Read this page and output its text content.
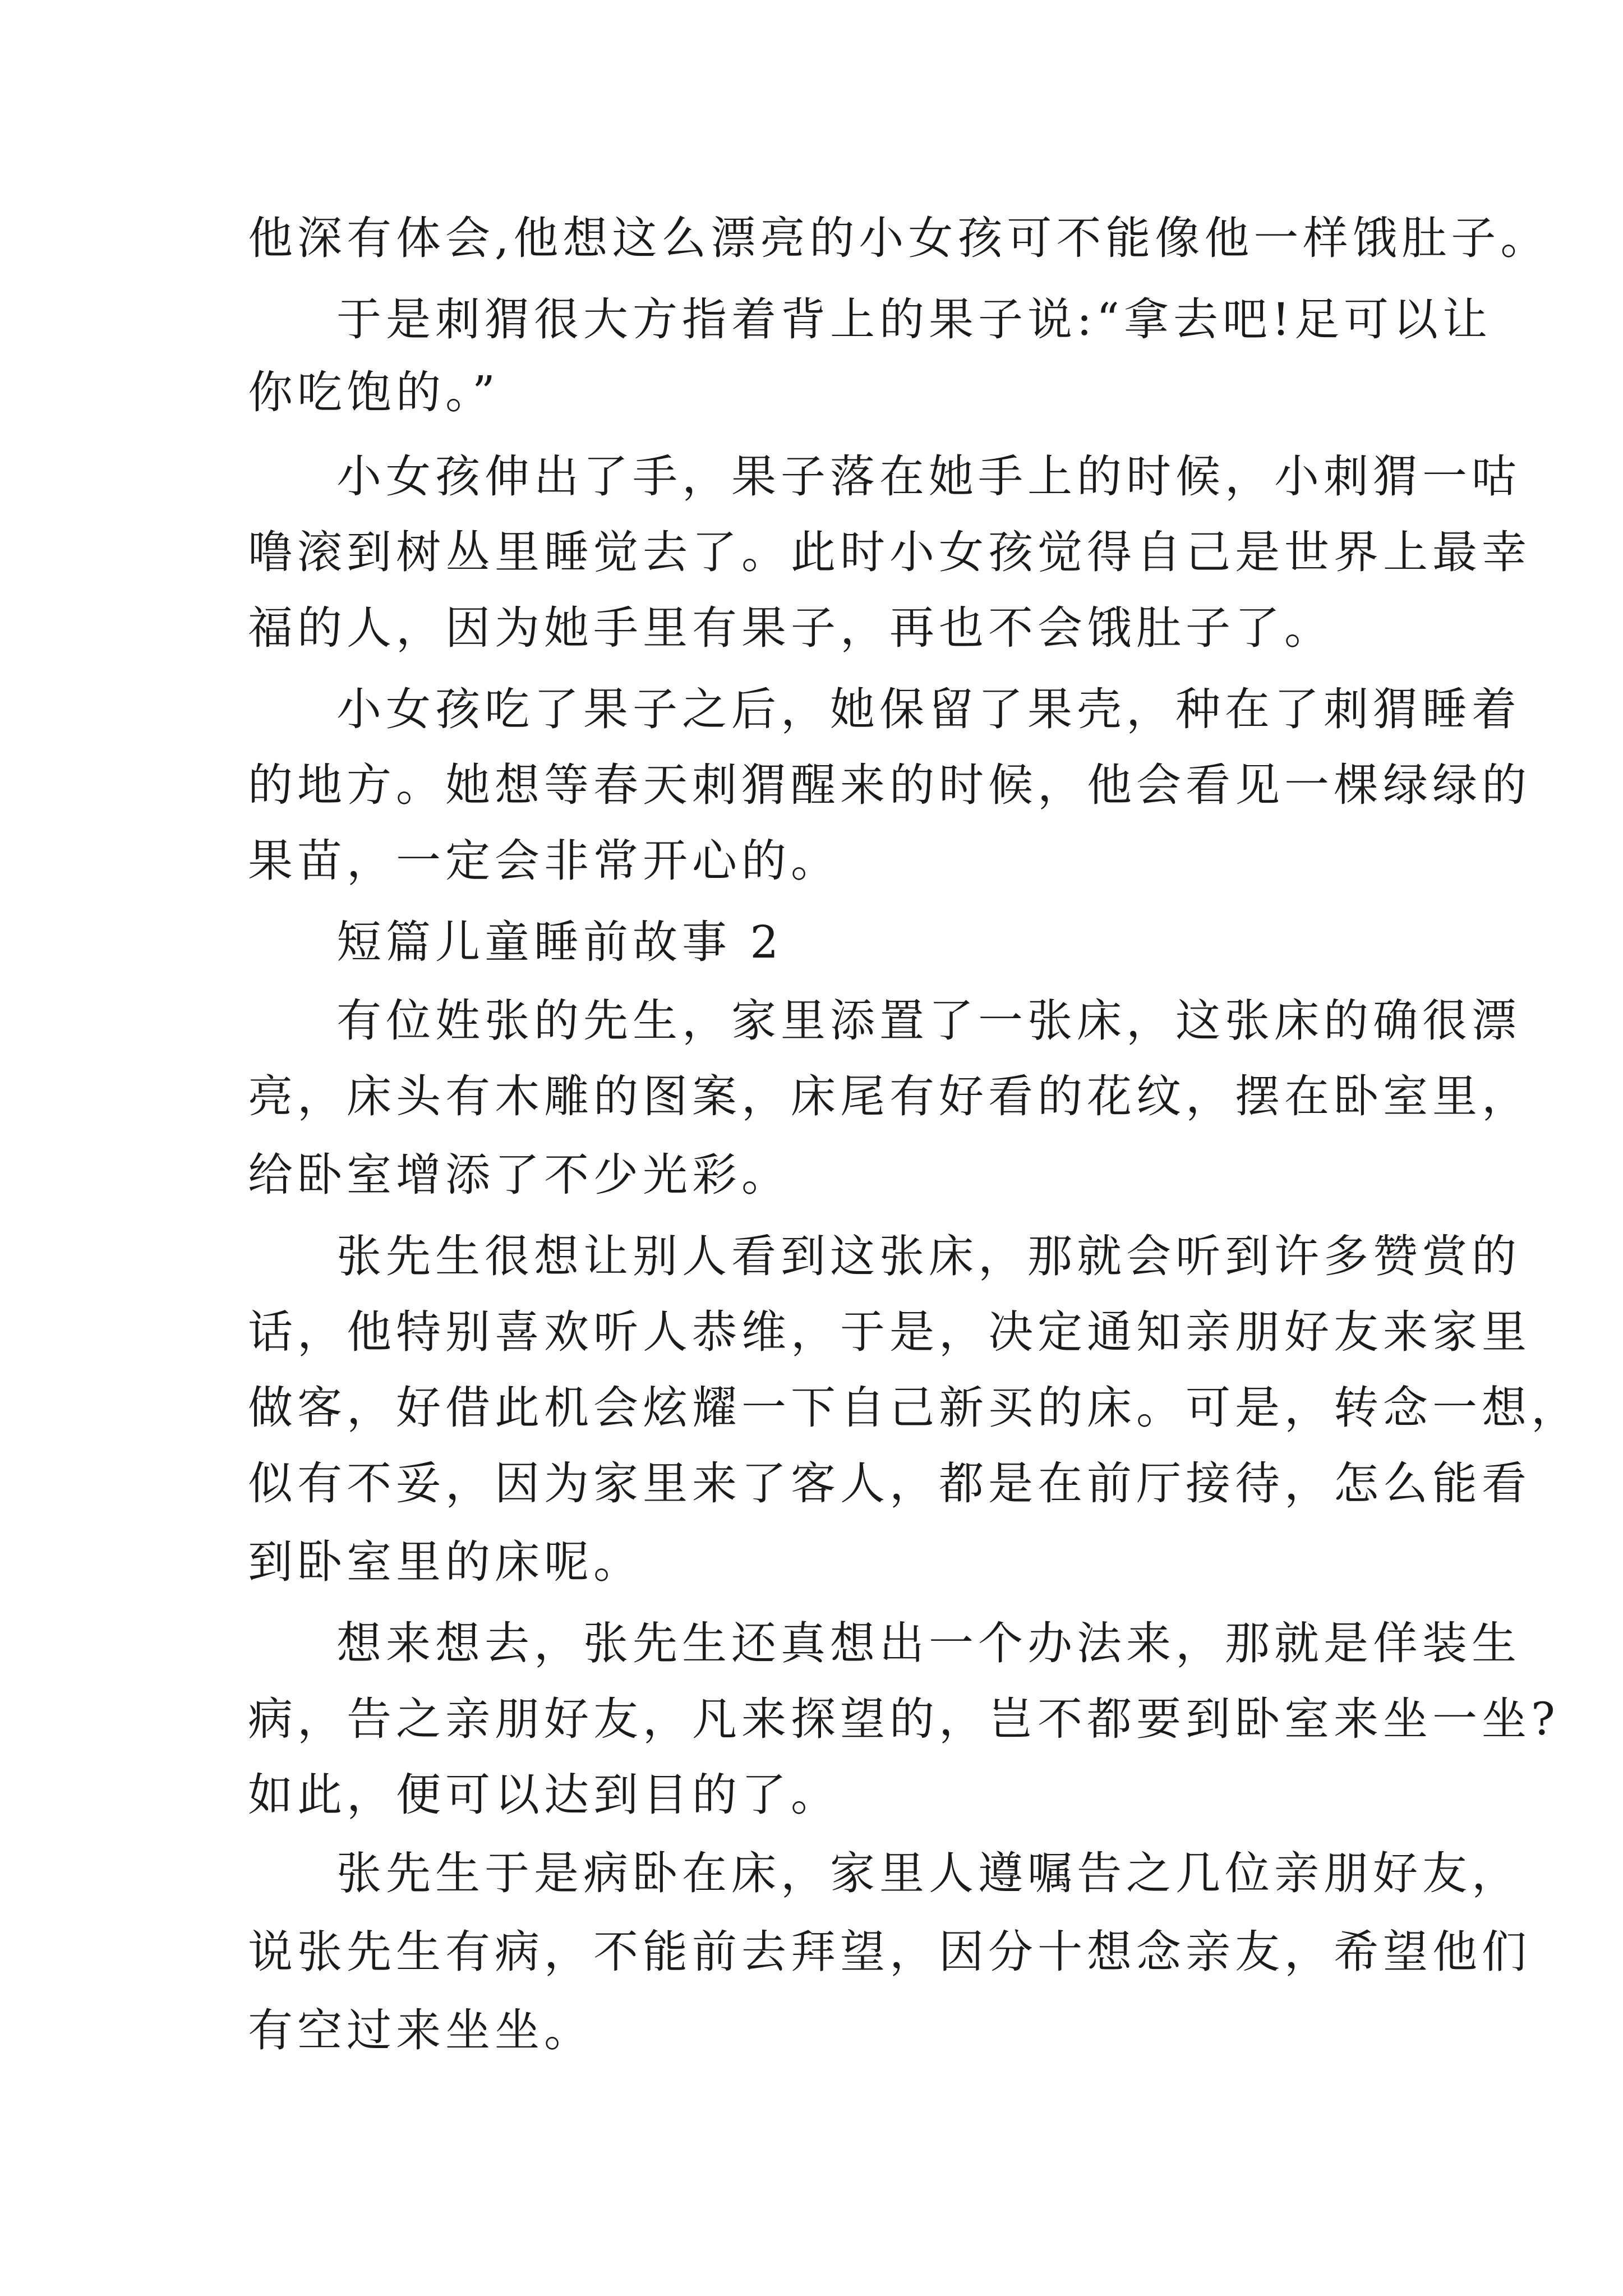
他深有体会,他想这么漂亮的小女孩可不能像他一样饿肚子。
于是刺猬很大方指着背上的果子说:“拿去吧!足可以让
你吃饱的。”
小女孩伸出了手，果子落在她手上的时候，小刺猬一咕
噜滚到树丛里睡觉去了。此时小女孩觉得自己是世界上最幸
福的人，因为她手里有果子，再也不会饿肚子了。
小女孩吃了果子之后，她保留了果壳，种在了刺猬睡着
的地方。她想等春天刺猬醒来的时候，他会看见一棵绿绿的
果苗，一定会非常开心的。
短篇儿童睡前故事 2
有位姓张的先生，家里添置了一张床，这张床的确很漂
亮，床头有木雕的图案，床尾有好看的花纹，摆在卧室里，
给卧室增添了不少光彩。
张先生很想让别人看到这张床，那就会听到许多赞赏的
话，他特别喜欢听人恭维，于是，决定通知亲朋好友来家里
做客，好借此机会炫耀一下自己新买的床。可是，转念一想，
似有不妥，因为家里来了客人，都是在前厅接待，怎么能看
到卧室里的床呢。
想来想去，张先生还真想出一个办法来，那就是佯装生
病，告之亲朋好友，凡来探望的，岂不都要到卧室来坐一坐?
如此，便可以达到目的了。
张先生于是病卧在床，家里人遵嘱告之几位亲朋好友，
说张先生有病，不能前去拜望，因分十想念亲友，希望他们
有空过来坐坐。
